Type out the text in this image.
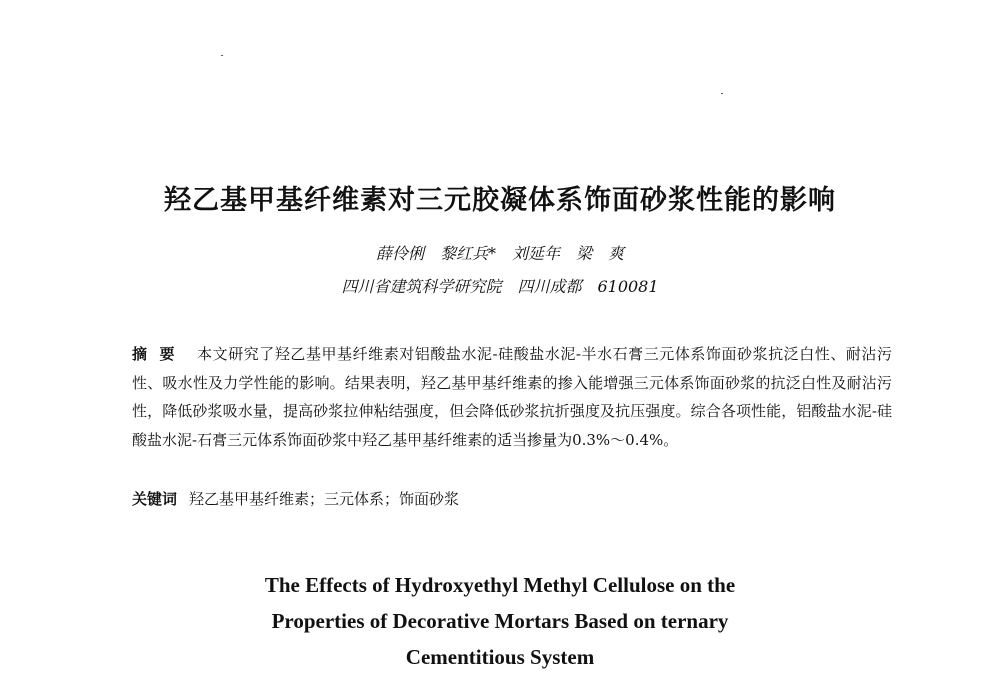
羟乙基甲基纤维素对三元胶凝体系饰面砂浆性能的影响
薛伶俐　黎红兵*　刘延年　梁　爽
四川省建筑科学研究院　四川成都　610081
摘要 本文研究了羟乙基甲基纤维素对铝酸盐水泥-硅酸盐水泥-半水石膏三元体系饰面砂浆抗泛白性、耐沾污性、吸水性及力学性能的影响。结果表明，羟乙基甲基纤维素的掺入能增强三元体系饰面砂浆的抗泛白性及耐沾污性，降低砂浆吸水量，提高砂浆拉伸粘结强度，但会降低砂浆抗折强度及抗压强度。综合各项性能，铝酸盐水泥-硅酸盐水泥-石膏三元体系饰面砂浆中羟乙基甲基纤维素的适当掺量为0.3%～0.4%。
关键词 羟乙基甲基纤维素；三元体系；饰面砂浆
The Effects of Hydroxyethyl Methyl Cellulose on the
Properties of Decorative Mortars Based on ternary
Cementitious System
